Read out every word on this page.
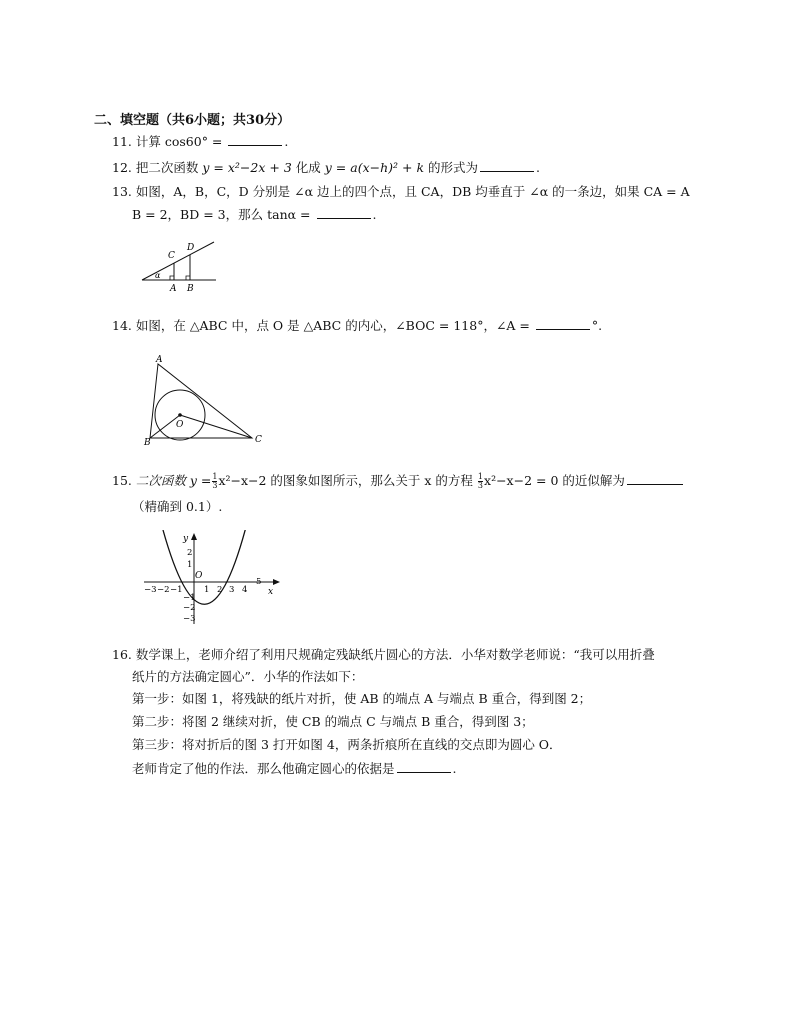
二、填空题（共6小题；共30分）
11. 计算 cos60° =	.
12. 把二次函数 y = x²−2x + 3 化成 y = a(x−h)² + k 的形式为	.
13. 如图，A，B，C，D 分别是 ∠α 边上的四个点，且 CA，DB 均垂直于 ∠α 的一条边，如果 CA = A
B = 2，BD = 3，那么 tanα =	.
C
D
A B
α
14. 如图，在 △ABC 中，点 O 是 △ABC 的内心，∠BOC = 118°，∠A =	°.
A
B	C
O
15. 二次函数 $y = \frac{1}{3} x^2-x-2$ 的图象如图所示，那么关于 x 的方程 $\frac{1}{3} x^2-x-2 = 0$ 的近似解为
（精确到 0.1）.
x
y
O
−3 −2 −1	1 2 3 4
5
2
1
−1
−2
−3
16. 数学课上，老师介绍了利用尺规确定残缺纸片圆心的方法．小华对数学老师说：“我可以用折叠
纸片的方法确定圆心”．小华的作法如下：
第一步：如图 1，将残缺的纸片对折，使 AB 的端点 A 与端点 B 重合，得到图 2；
第二步：将图 2 继续对折，使 CB 的端点 C 与端点 B 重合，得到图 3；
第三步：将对折后的图 3 打开如图 4，两条折痕所在直线的交点即为圆心 O．
老师肯定了他的作法．那么他确定圆心的依据是	.
